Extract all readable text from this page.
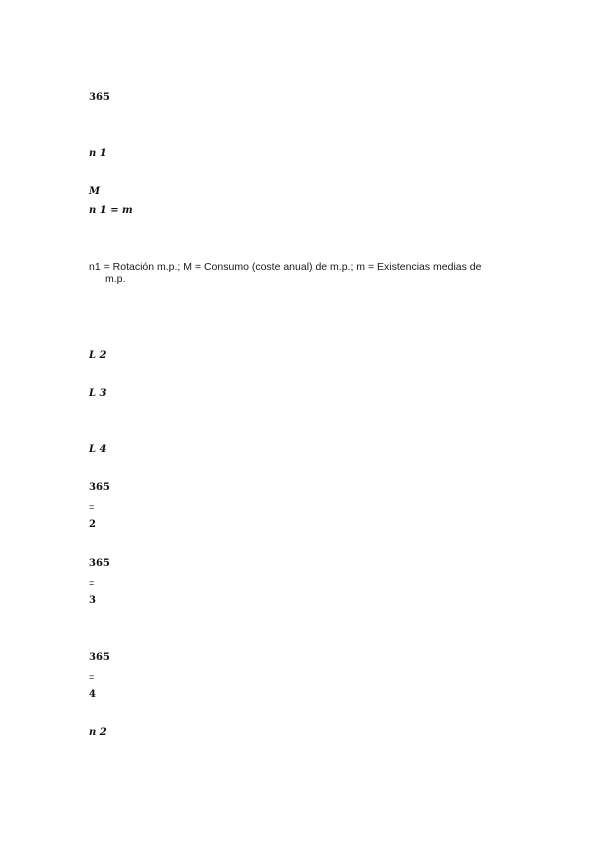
365
n 1
M
n 1 = m
n1 = Rotación m.p.; M = Consumo (coste anual) de m.p.; m = Existencias medias de
m.p.
L 2
L 3
L 4
365
=
2
365
=
3
365
=
4
n 2
